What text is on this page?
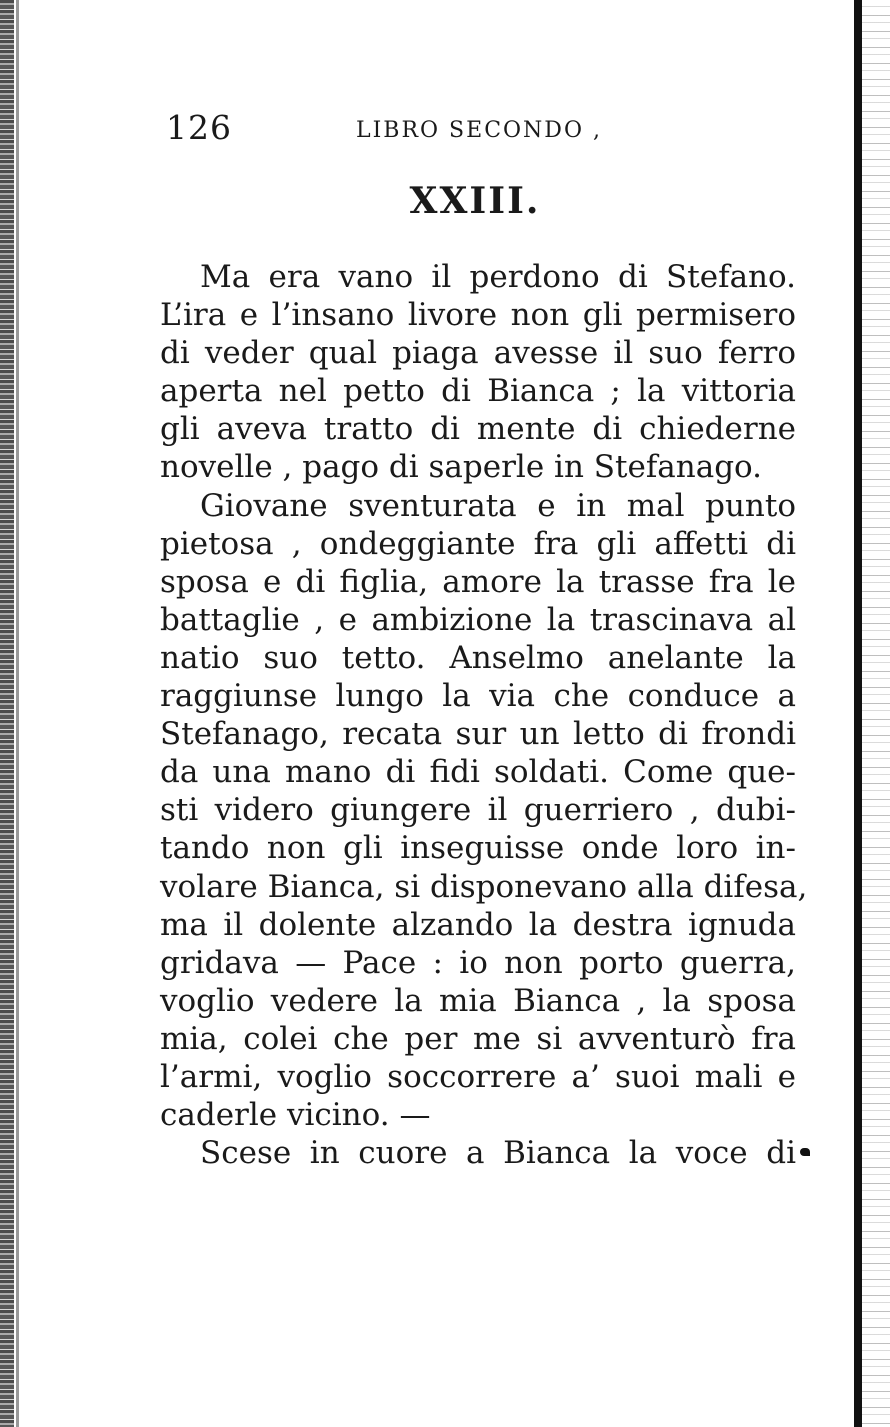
126	LIBRO SECONDO ,
XXIII.
Ma era vano il perdono di Stefano.
L’ira e l’insano livore non gli permisero
di veder qual piaga avesse il suo ferro
aperta nel petto di Bianca ; la vittoria
gli aveva tratto di mente di chiederne
novelle , pago di saperle in Stefanago.
Giovane sventurata e in mal punto
pietosa , ondeggiante fra gli affetti di
sposa e di figlia, amore la trasse fra le
battaglie , e ambizione la trascinava al
natio suo tetto. Anselmo anelante la
raggiunse lungo la via che conduce a
Stefanago, recata sur un letto di frondi
da una mano di fidi soldati. Come que-
sti videro giungere il guerriero , dubi-
tando non gli inseguisse onde loro in-
volare Bianca, si disponevano alla difesa,
ma il dolente alzando la destra ignuda
gridava — Pace : io non porto guerra,
voglio vedere la mia Bianca , la sposa
mia, colei che per me si avventurò fra
l’armi, voglio soccorrere a’ suoi mali e
caderle vicino. —
Scese in cuore a Bianca la voce di
